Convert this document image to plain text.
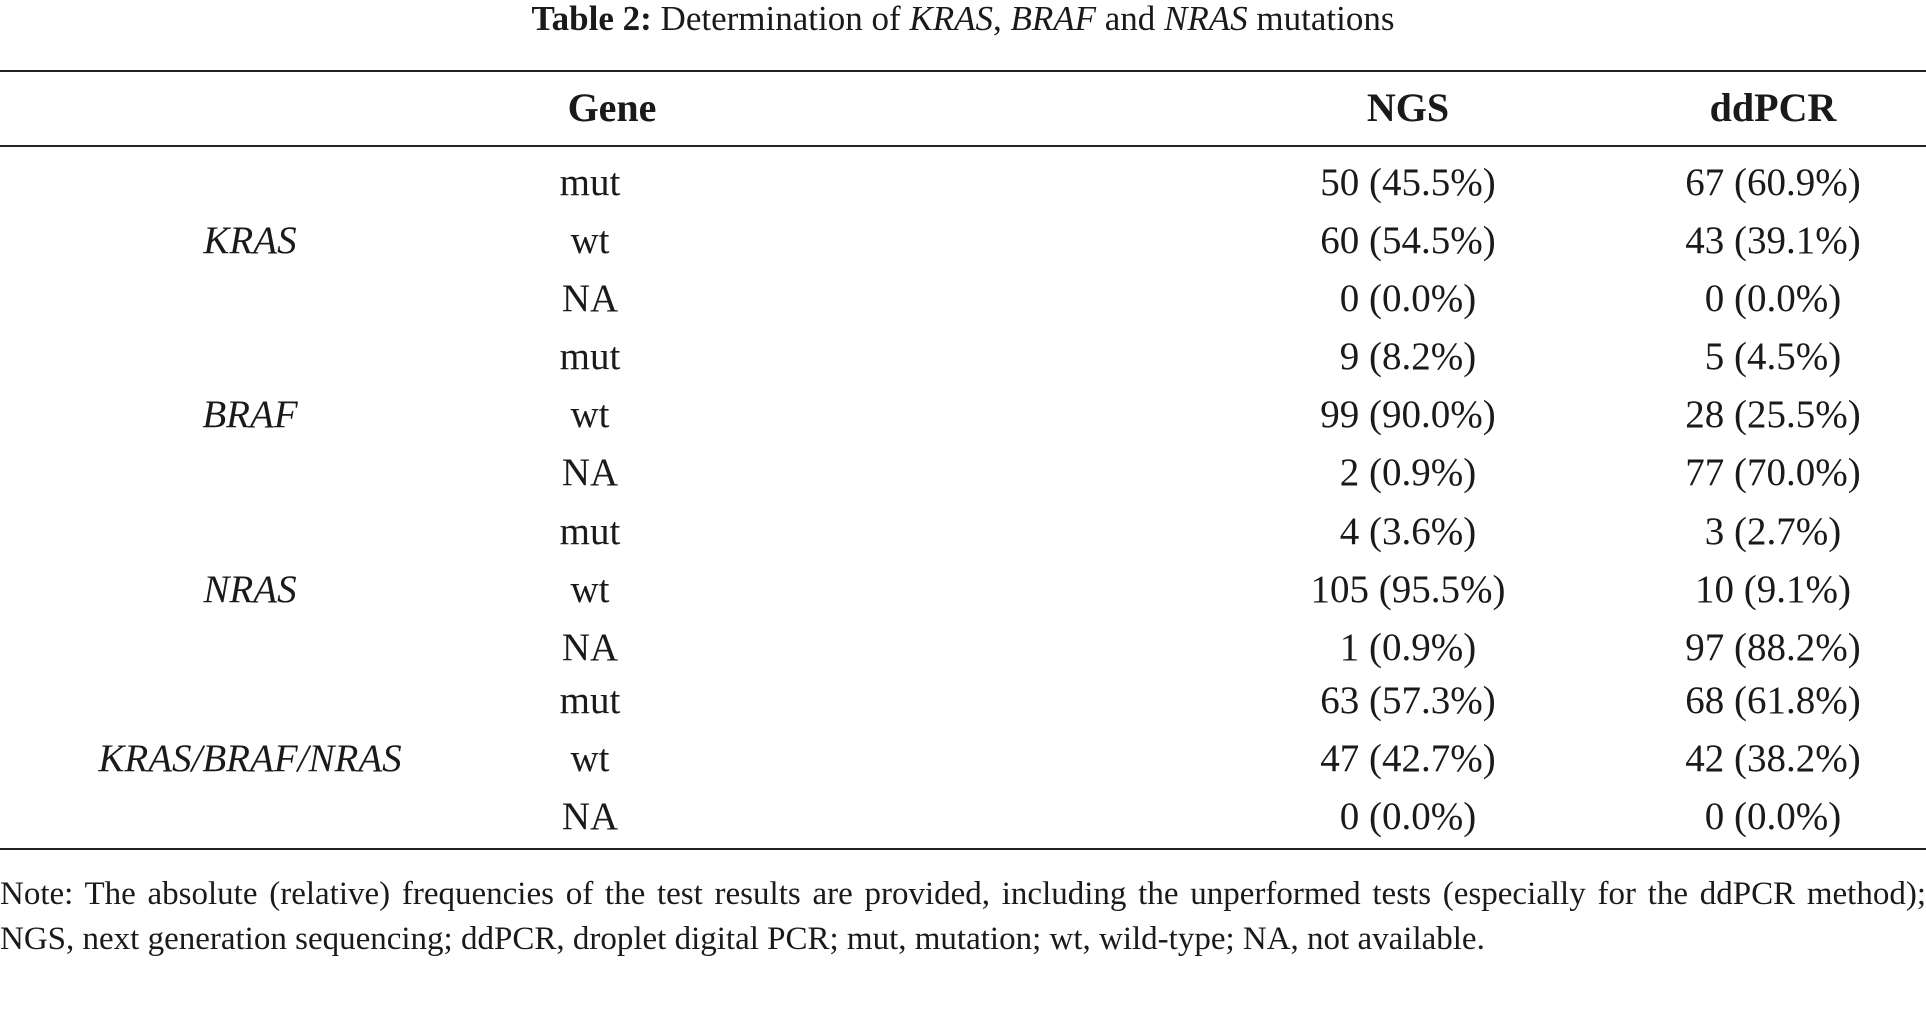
Table 2: Determination of KRAS, BRAF and NRAS mutations
Gene	NGS	ddPCR
KRAS
mut	50 (45.5%)	67 (60.9%)
wt	60 (54.5%)	43 (39.1%)
NA	0 (0.0%)	0 (0.0%)
BRAF
mut	9 (8.2%)	5 (4.5%)
wt	99 (90.0%)	28 (25.5%)
NA	2 (0.9%)	77 (70.0%)
NRAS
mut	4 (3.6%)	3 (2.7%)
wt	105 (95.5%)	10 (9.1%)
NA	1 (0.9%)	97 (88.2%)
KRAS/BRAF/NRAS
mut	63 (57.3%)	68 (61.8%)
wt	47 (42.7%)	42 (38.2%)
NA	0 (0.0%)	0 (0.0%)
Note: The absolute (relative) frequencies of the test results are provided, including the unperformed tests (especially for the ddPCR method); NGS, next generation sequencing; ddPCR, droplet digital PCR; mut, mutation; wt, wild-type; NA, not available.
